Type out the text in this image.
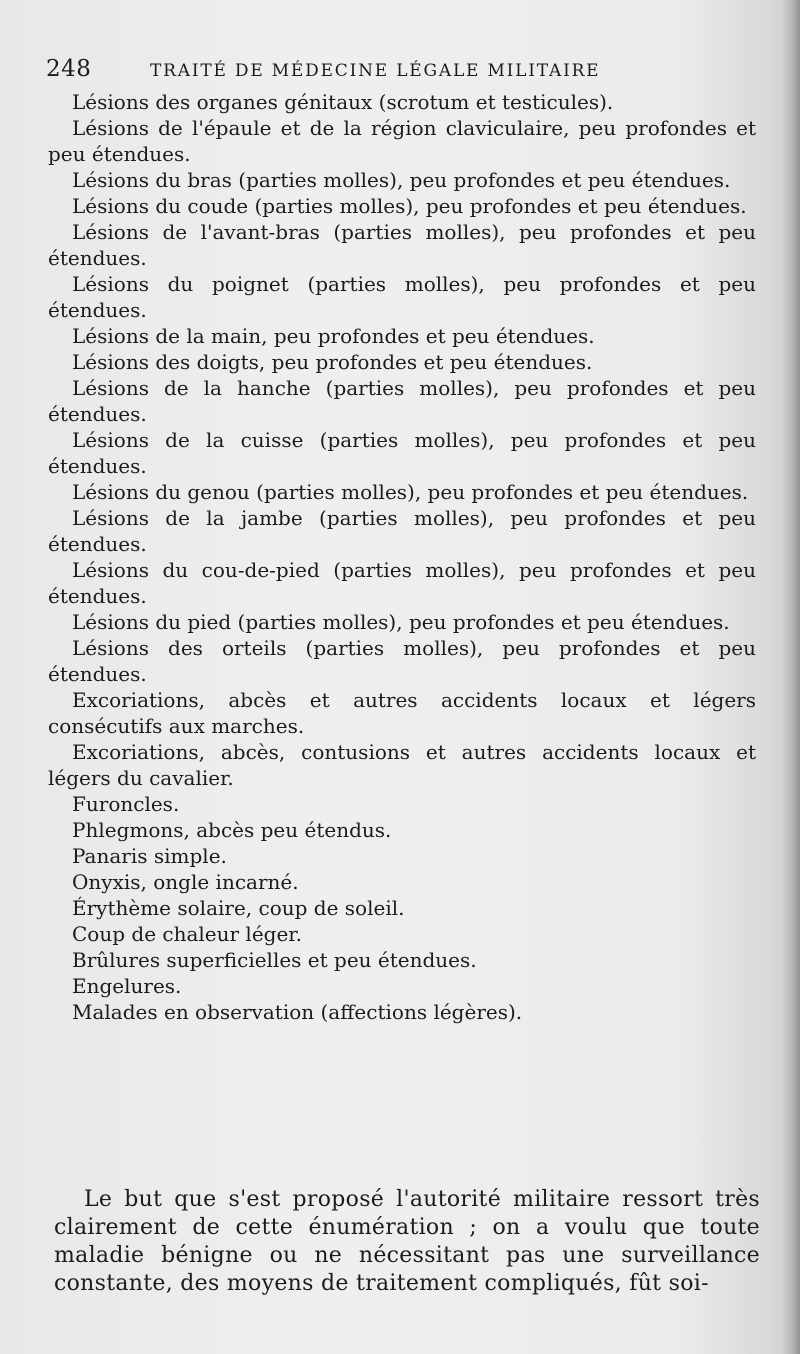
248	TRAITÉ DE MÉDECINE LÉGALE MILITAIRE
Lésions des organes génitaux (scrotum et testicules).
Lésions de l'épaule et de la région claviculaire, peu profondes et peu étendues.
Lésions du bras (parties molles), peu profondes et peu étendues.
Lésions du coude (parties molles), peu profondes et peu étendues.
Lésions de l'avant-bras (parties molles), peu profondes et peu étendues.
Lésions du poignet (parties molles), peu profondes et peu étendues.
Lésions de la main, peu profondes et peu étendues.
Lésions des doigts, peu profondes et peu étendues.
Lésions de la hanche (parties molles), peu profondes et peu étendues.
Lésions de la cuisse (parties molles), peu profondes et peu étendues.
Lésions du genou (parties molles), peu profondes et peu étendues.
Lésions de la jambe (parties molles), peu profondes et peu étendues.
Lésions du cou-de-pied (parties molles), peu profondes et peu étendues.
Lésions du pied (parties molles), peu profondes et peu étendues.
Lésions des orteils (parties molles), peu profondes et peu étendues.
Excoriations, abcès et autres accidents locaux et légers consécutifs aux marches.
Excoriations, abcès, contusions et autres accidents locaux et légers du cavalier.
Furoncles.
Phlegmons, abcès peu étendus.
Panaris simple.
Onyxis, ongle incarné.
Érythème solaire, coup de soleil.
Coup de chaleur léger.
Brûlures superficielles et peu étendues.
Engelures.
Malades en observation (affections légères).

Le but que s'est proposé l'autorité militaire ressort très clairement de cette énumération ; on a voulu que toute maladie bénigne ou ne nécessitant pas une surveillance constante, des moyens de traitement compliqués, fût soi-
